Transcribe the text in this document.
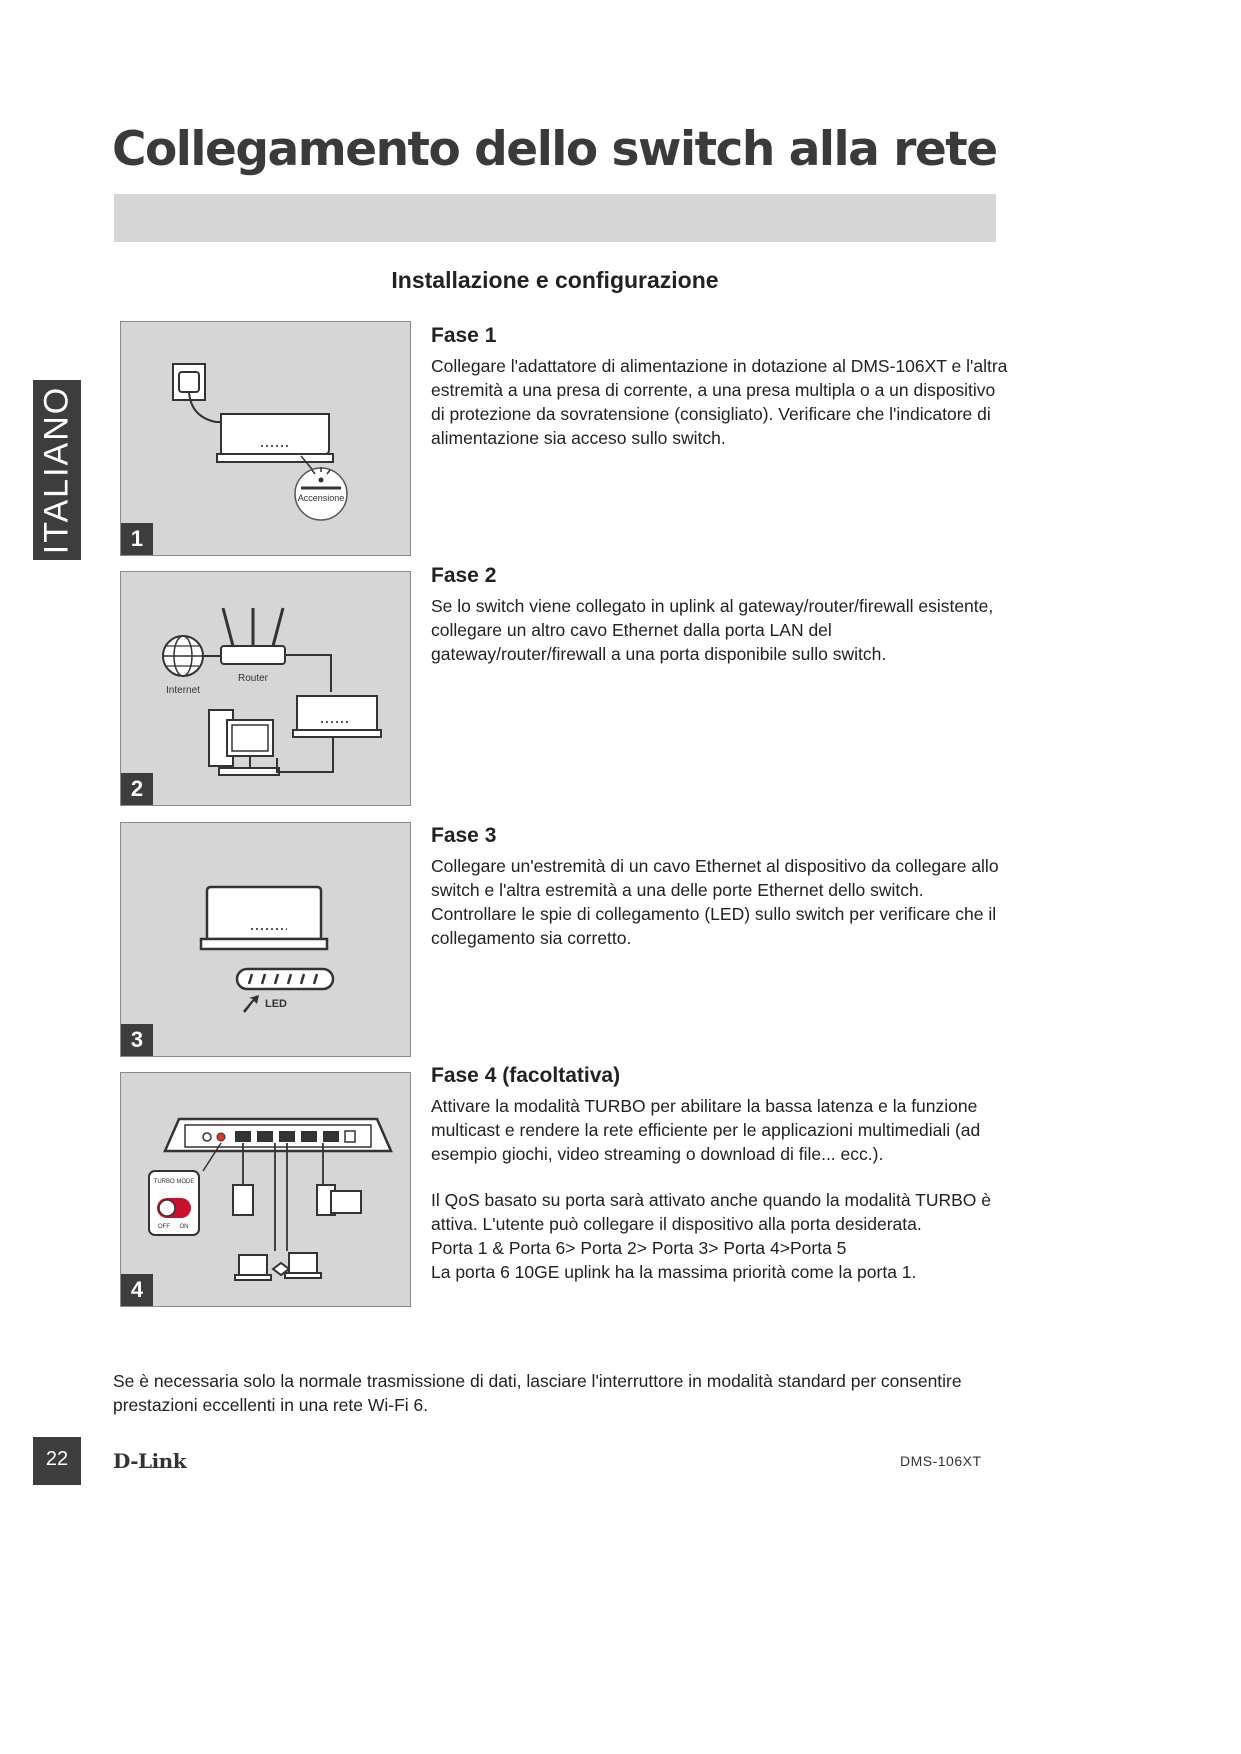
Collegamento dello switch alla rete
Installazione e configurazione
ITALIANO	Accensione
1
Internet
Router
2
LED
3
TURBO MODE
OFF ON
4
Fase 1

Collegare l'adattatore di alimentazione in dotazione al DMS-106XT e l'altra estremità a una presa di corrente, a una presa multipla o a un dispositivo di protezione da sovratensione (consigliato). Verificare che l'indicatore di alimentazione sia acceso sullo switch.

Fase 2

Se lo switch viene collegato in uplink al gateway/router/firewall esistente, collegare un altro cavo Ethernet dalla porta LAN del gateway/router/firewall a una porta disponibile sullo switch.

Fase 3

Collegare un'estremità di un cavo Ethernet al dispositivo da collegare allo switch e l'altra estremità a una delle porte Ethernet dello switch. Controllare le spie di collegamento (LED) sullo switch per verificare che il collegamento sia corretto.

Fase 4 (facoltativa)

Attivare la modalità TURBO per abilitare la bassa latenza e la funzione multicast e rendere la rete efficiente per le applicazioni multimediali (ad esempio giochi, video streaming o download di file... ecc.).

Il QoS basato su porta sarà attivato anche quando la modalità TURBO è attiva. L'utente può collegare il dispositivo alla porta desiderata.

Porta 1 & Porta 6> Porta 2> Porta 3> Porta 4>Porta 5

La porta 6 10GE uplink ha la massima priorità come la porta 1.

Se è necessaria solo la normale trasmissione di dati, lasciare l'interruttore in modalità standard per consentire prestazioni eccellenti in una rete Wi-Fi 6.
22	D-Link	DMS-106XT
